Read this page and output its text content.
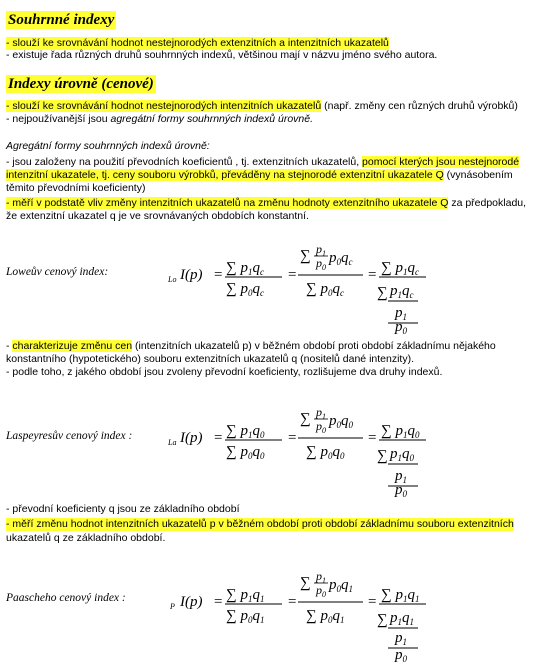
Souhrnné indexy
- slouží ke srovnávání hodnot nestejnorodých extenzitních a intenzitních ukazatelů
- existuje řada různých druhů souhrnných indexů, většinou mají v názvu jméno svého autora.
Indexy úrovně (cenové)
- slouží ke srovnávání hodnot nestejnorodých intenzitních ukazatelů (např. změny cen různých druhů výrobků)
- nejpoužívanější jsou agregátní formy souhrnných indexů úrovně.
Agregátní formy souhrnných indexů úrovně:
- jsou založeny na použití převodních koeficientů , tj. extenzitních ukazatelů, pomocí kterých jsou nestejnorodé
intenzitní ukazatele, tj. ceny souboru výrobků, převáděny na stejnorodé extenzitní ukazatele Q (vynásobením
těmito převodními koeficienty)
- měří v podstatě vliv změny intenzitních ukazatelů na změnu hodnoty extenzitního ukazatele Q za předpokladu,
že extenzitní ukazatel q je ve srovnávaných obdobích konstantní.
Loweův cenový index:
Lo I(p) = ∑ $p_1q_c$
∑ $p_0q_c$
=
∑ $p_1$
$p_0$
$p_0q_c$
∑ $p_0q_c$
= ∑ $p_1q_c$
∑ $p_1q_c$
$p_1$
$p_0$
- charakterizuje změnu cen (intenzitních ukazatelů p) v běžném období proti období základnímu nějakého
konstantního (hypotetického) souboru extenzitních ukazatelů q (nositelů dané intenzity).
- podle toho, z jakého období jsou zvoleny převodní koeficienty, rozlišujeme dva druhy indexů.
Laspeyresův cenový index :
La I(p) = ∑ $p_1q_0$
∑ $p_0q_0$
=
∑ $p_1$
$p_0$
$p_0q_0$
∑ $p_0q_0$
= ∑ $p_1q_0$
∑ $p_1q_0$
$p_1$
$p_0$
- převodní koeficienty q jsou ze základního období
- měří změnu hodnot intenzitních ukazatelů p v běžném období proti období základnímu souboru extenzitních
ukazatelů q ze základního období.
Paascheho cenový index :
P I(p) = ∑ $p_1q_1$
∑ $p_0q_1$
=
∑ $p_1$
$p_0$
$p_0q_1$
∑ $p_0q_1$
= ∑ $p_1q_1$
∑ $p_1q_1$
$p_1$
$p_0$
